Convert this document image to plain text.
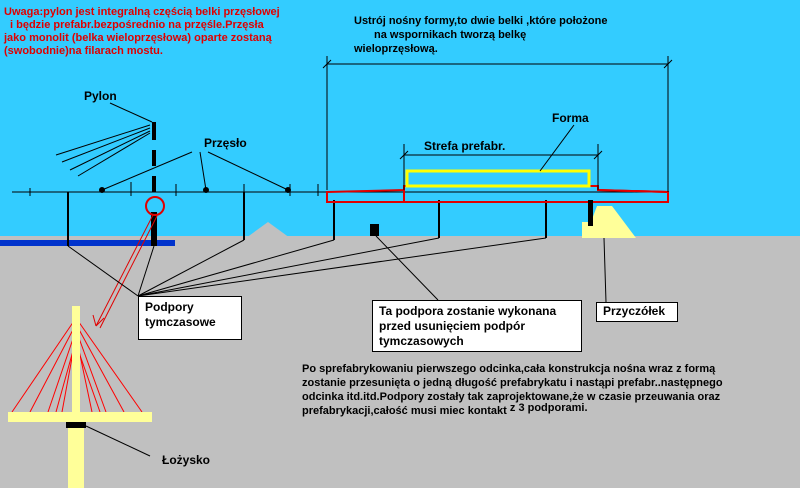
Uwaga:pylon jest integralną częścią belki przęsłowej
i będzie prefabr.bezpośrednio na przęśle.Przęsła
jako monolit (belka wieloprzęsłowa) oparte zostaną
(swobodnie)na filarach mostu.
Ustrój nośny formy,to dwie belki ,które położone
na wspornikach tworzą belkę
wieloprzęsłową.
Pylon
Przęsło
Forma
Strefa prefabr.
Łożysko
Podpory
tymczasowe
Ta podpora zostanie wykonana
przed usunięciem podpór
tymczasowych
Przyczółek
Po sprefabrykowaniu pierwszego odcinka,cała konstrukcja nośna wraz z formą
zostanie przesunięta o jedną długość prefabrykatu i nastąpi prefabr..następnego
odcinka itd.itd.Podpory zostały tak zaprojektowane,że w czasie przeuwania oraz
prefabrykacji,całość musi miec kontakt z 3 podporami.
